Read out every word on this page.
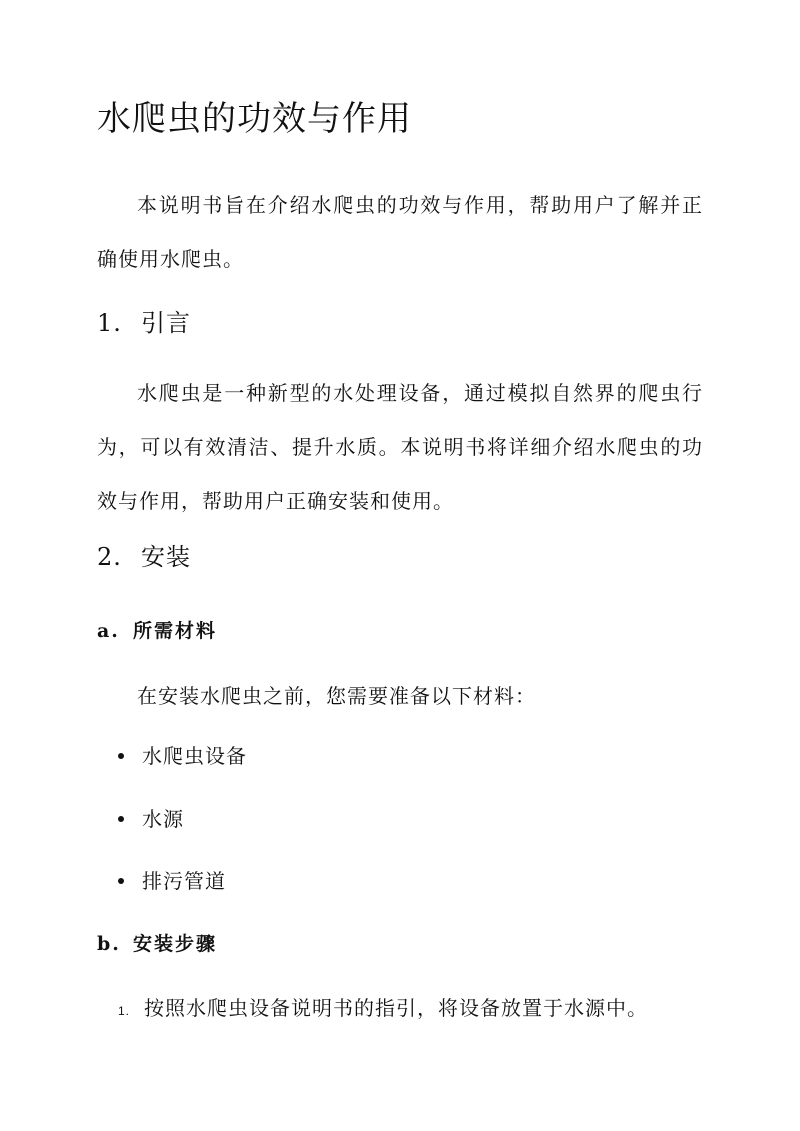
水爬虫的功效与作用

本说明书旨在介绍水爬虫的功效与作用，帮助用户了解并正确使用水爬虫。

1. 引言

水爬虫是一种新型的水处理设备，通过模拟自然界的爬虫行为，可以有效清洁、提升水质。本说明书将详细介绍水爬虫的功效与作用，帮助用户正确安装和使用。

2. 安装
a. 所需材料

在安装水爬虫之前，您需要准备以下材料：

水爬虫设备
水源
排污管道
b. 安装步骤
1. 按照水爬虫设备说明书的指引，将设备放置于水源中。
